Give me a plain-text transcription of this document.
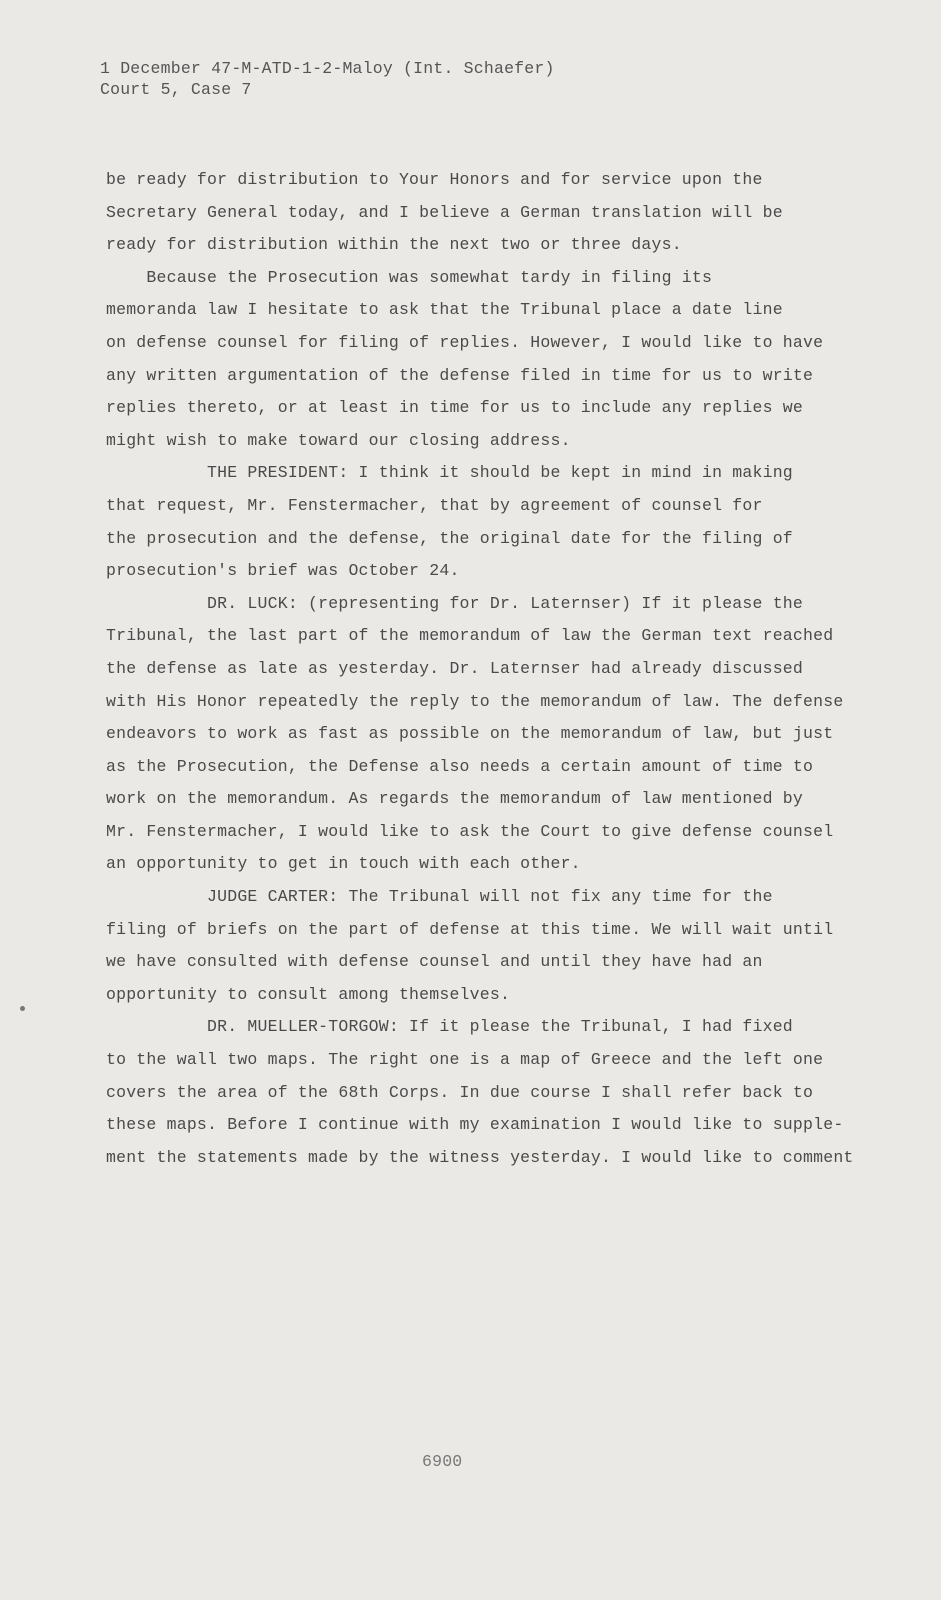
1 December 47-M-ATD-1-2-Maloy (Int. Schaefer)
Court 5, Case 7
be ready for distribution to Your Honors and for service upon the
Secretary General today, and I believe a German translation will be
ready for distribution within the next two or three days.
Because the Prosecution was somewhat tardy in filing its
memoranda law I hesitate to ask that the Tribunal place a date line
on defense counsel for filing of replies. However, I would like to have
any written argumentation of the defense filed in time for us to write
replies thereto, or at least in time for us to include any replies we
might wish to make toward our closing address.
THE PRESIDENT: I think it should be kept in mind in making
that request, Mr. Fenstermacher, that by agreement of counsel for
the prosecution and the defense, the original date for the filing of
prosecution's brief was October 24.
DR. LUCK: (representing for Dr. Laternser) If it please the
Tribunal, the last part of the memorandum of law the German text reached
the defense as late as yesterday. Dr. Laternser had already discussed
with His Honor repeatedly the reply to the memorandum of law. The defense
endeavors to work as fast as possible on the memorandum of law, but just
as the Prosecution, the Defense also needs a certain amount of time to
work on the memorandum. As regards the memorandum of law mentioned by
Mr. Fenstermacher, I would like to ask the Court to give defense counsel
an opportunity to get in touch with each other.
JUDGE CARTER: The Tribunal will not fix any time for the
filing of briefs on the part of defense at this time. We will wait until
we have consulted with defense counsel and until they have had an
opportunity to consult among themselves.
DR. MUELLER-TORGOW: If it please the Tribunal, I had fixed
to the wall two maps. The right one is a map of Greece and the left one
covers the area of the 68th Corps. In due course I shall refer back to
these maps. Before I continue with my examination I would like to supple-
ment the statements made by the witness yesterday. I would like to comment
6900
